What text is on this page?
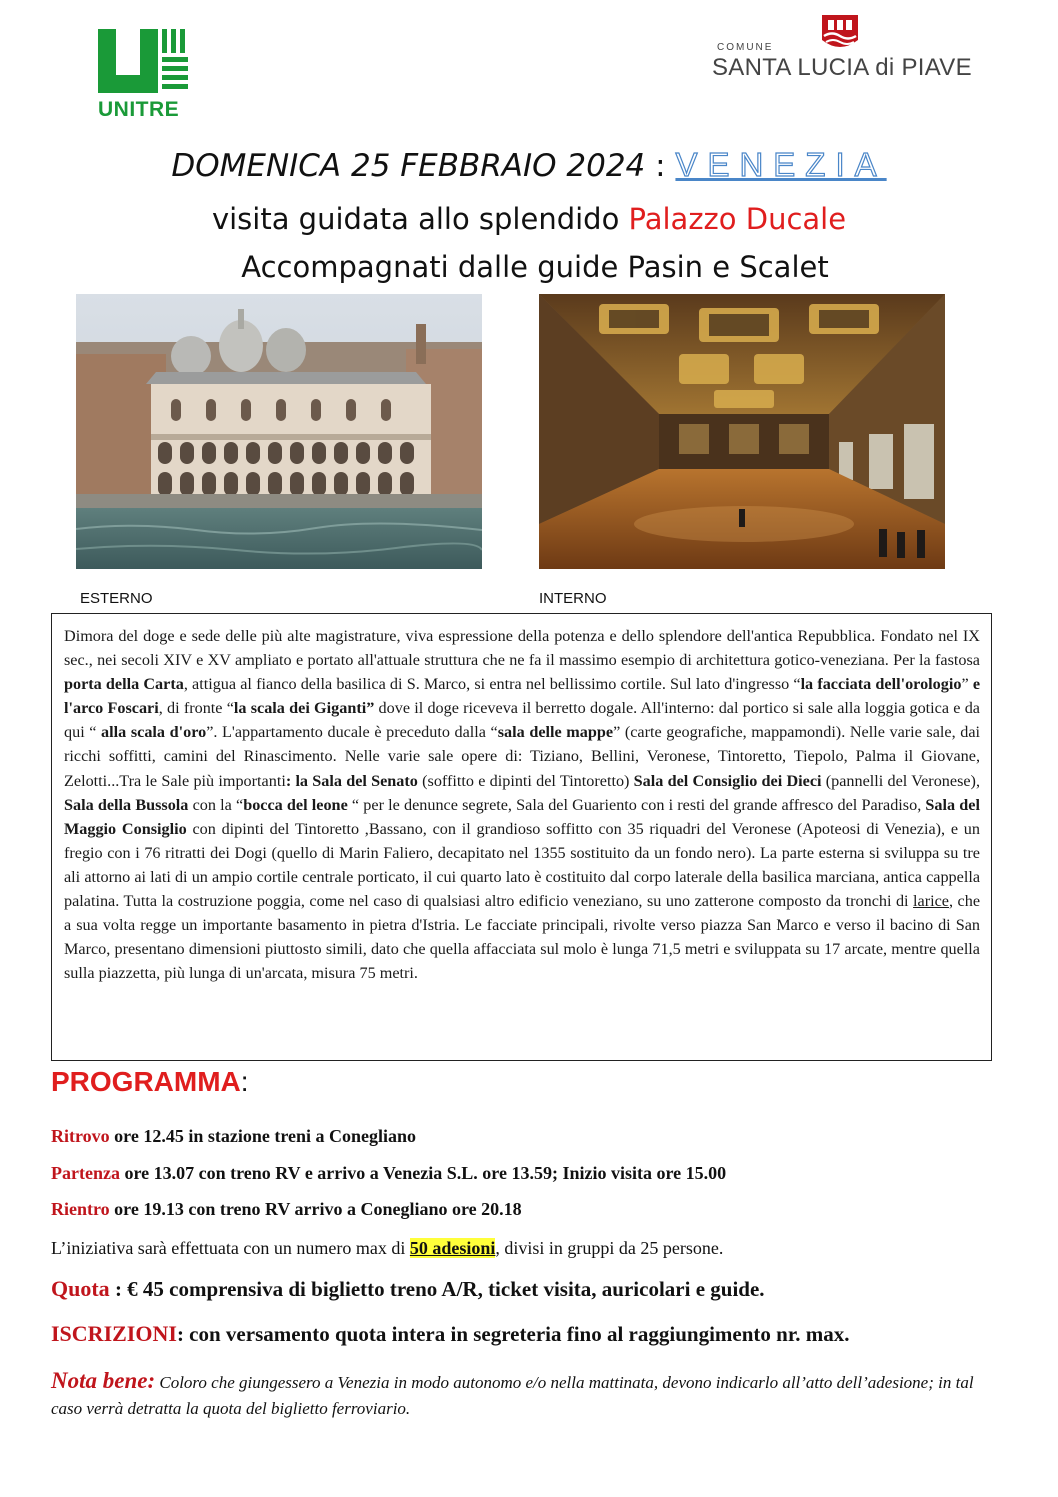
UNITRE
COMUNE
SANTA LUCIA di PIAVE
DOMENICA 25 FEBBRAIO 2024 : VENEZIA
visita guidata allo splendido Palazzo Ducale
Accompagnati dalle guide Pasin e Scalet
ESTERNO	INTERNO
Dimora del doge e sede delle più alte magistrature, viva espressione della potenza e dello splendore dell'antica Repubblica. Fondato nel IX sec., nei secoli XIV e XV ampliato e portato all'attuale struttura che ne fa il massimo esempio di architettura gotico-veneziana. Per la fastosa porta della Carta, attigua al fianco della basilica di S. Marco, si entra nel bellissimo cortile. Sul lato d'ingresso “la facciata dell'orologio” e l'arco Foscari, di fronte “la scala dei Giganti” dove il doge riceveva il berretto dogale. All'interno: dal portico si sale alla loggia gotica e da qui “ alla scala d'oro”. L'appartamento ducale è preceduto dalla “sala delle mappe” (carte geografiche, mappamondi). Nelle varie sale, dai ricchi soffitti, camini del Rinascimento. Nelle varie sale opere di: Tiziano, Bellini, Veronese, Tintoretto, Tiepolo, Palma il Giovane, Zelotti...Tra le Sale più importanti: la Sala del Senato (soffitto e dipinti del Tintoretto) Sala del Consiglio dei Dieci (pannelli del Veronese), Sala della Bussola con la “bocca del leone “ per le denunce segrete, Sala del Guariento con i resti del grande affresco del Paradiso, Sala del Maggio Consiglio con dipinti del Tintoretto ,Bassano, con il grandioso soffitto con 35 riquadri del Veronese (Apoteosi di Venezia), e un fregio con i 76 ritratti dei Dogi (quello di Marin Faliero, decapitato nel 1355 sostituito da un fondo nero). La parte esterna si sviluppa su tre ali attorno ai lati di un ampio cortile centrale porticato, il cui quarto lato è costituito dal corpo laterale della basilica marciana, antica cappella palatina. Tutta la costruzione poggia, come nel caso di qualsiasi altro edificio veneziano, su uno zatterone composto da tronchi di larice, che a sua volta regge un importante basamento in pietra d'Istria. Le facciate principali, rivolte verso piazza San Marco e verso il bacino di San Marco, presentano dimensioni piuttosto simili, dato che quella affacciata sul molo è lunga 71,5 metri e sviluppata su 17 arcate, mentre quella sulla piazzetta, più lunga di un'arcata, misura 75 metri.
PROGRAMMA:
Ritrovo ore 12.45 in stazione treni a Conegliano
Partenza ore 13.07 con treno RV e arrivo a Venezia S.L. ore 13.59; Inizio visita ore 15.00
Rientro ore 19.13 con treno RV arrivo a Conegliano ore 20.18
L’iniziativa sarà effettuata con un numero max di 50 adesioni, divisi in gruppi da 25 persone.
Quota : € 45 comprensiva di biglietto treno A/R, ticket visita, auricolari e guide.
ISCRIZIONI: con versamento quota intera in segreteria fino al raggiungimento nr. max.
Nota bene: Coloro che giungessero a Venezia in modo autonomo e/o nella mattinata, devono indicarlo all’atto dell’adesione; in tal caso verrà detratta la quota del biglietto ferroviario.
